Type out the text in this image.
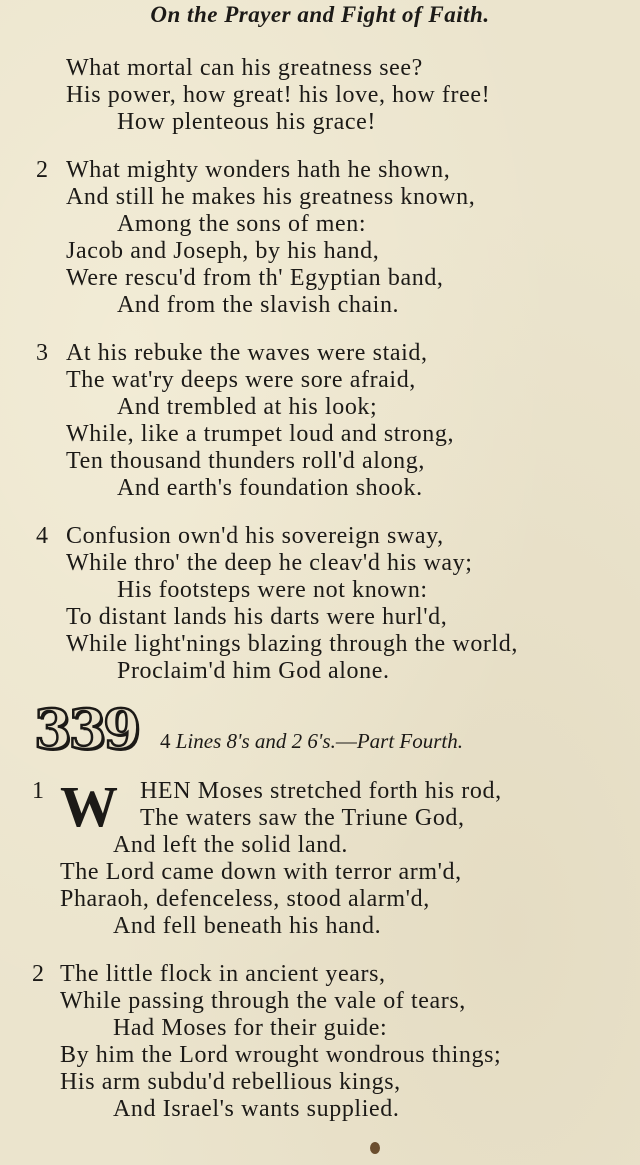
On the Prayer and Fight of Faith.
What mortal can his greatness see?
His power, how great! his love, how free!
How plenteous his grace!
2 What mighty wonders hath he shown,
And still he makes his greatness known,
Among the sons of men:
Jacob and Joseph, by his hand,
Were rescu'd from th' Egyptian band,
And from the slavish chain.
3 At his rebuke the waves were staid,
The wat'ry deeps were sore afraid,
And trembled at his look;
While, like a trumpet loud and strong,
Ten thousand thunders roll'd along,
And earth's foundation shook.
4 Confusion own'd his sovereign sway,
While thro' the deep he cleav'd his way;
His footsteps were not known:
To distant lands his darts were hurl'd,
While light'nings blazing through the world,
Proclaim'd him God alone.
339 4 Lines 8's and 2 6's.—Part Fourth.
1 W HEN Moses stretched forth his rod,
The waters saw the Triune God,
And left the solid land.
The Lord came down with terror arm'd,
Pharaoh, defenceless, stood alarm'd,
And fell beneath his hand.
2 The little flock in ancient years,
While passing through the vale of tears,
Had Moses for their guide:
By him the Lord wrought wondrous things;
His arm subdu'd rebellious kings,
And Israel's wants supplied.
